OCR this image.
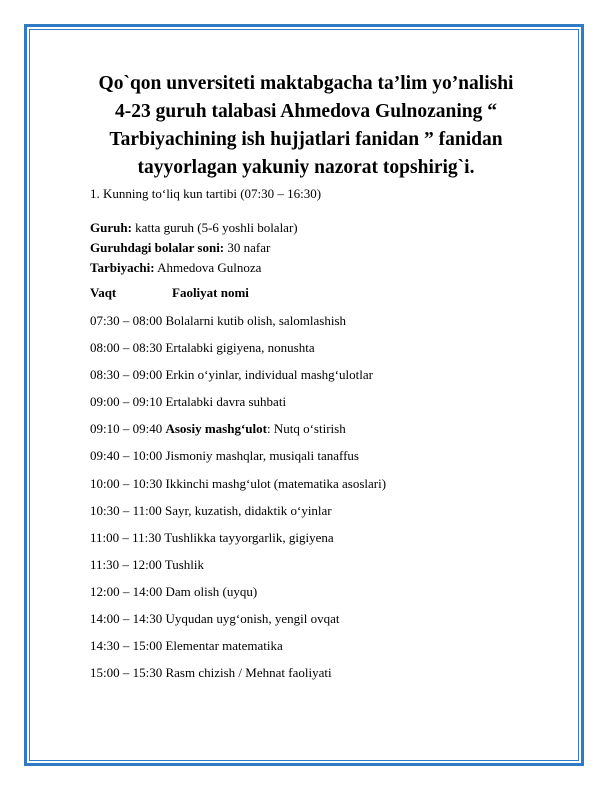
Qo`qon unversiteti maktabgacha ta’lim yo’nalishi
4-23 guruh talabasi Ahmedova Gulnozaning “
Tarbiyachining ish hujjatlari fanidan ” fanidan
tayyorlagan yakuniy nazorat topshirig`i.
1. Kunning to‘liq kun tartibi (07:30 – 16:30)
Guruh: katta guruh (5-6 yoshli bolalar)
Guruhdagi bolalar soni: 30 nafar
Tarbiyachi: Ahmedova Gulnoza
Vaqt	Faoliyat nomi
07:30 – 08:00 Bolalarni kutib olish, salomlashish
08:00 – 08:30 Ertalabki gigiyena, nonushta
08:30 – 09:00 Erkin o‘yinlar, individual mashg‘ulotlar
09:00 – 09:10 Ertalabki davra suhbati
09:10 – 09:40 Asosiy mashg‘ulot: Nutq o‘stirish
09:40 – 10:00 Jismoniy mashqlar, musiqali tanaffus
10:00 – 10:30 Ikkinchi mashg‘ulot (matematika asoslari)
10:30 – 11:00 Sayr, kuzatish, didaktik o‘yinlar
11:00 – 11:30 Tushlikka tayyorgarlik, gigiyena
11:30 – 12:00 Tushlik
12:00 – 14:00 Dam olish (uyqu)
14:00 – 14:30 Uyqudan uyg‘onish, yengil ovqat
14:30 – 15:00 Elementar matematika
15:00 – 15:30 Rasm chizish / Mehnat faoliyati
